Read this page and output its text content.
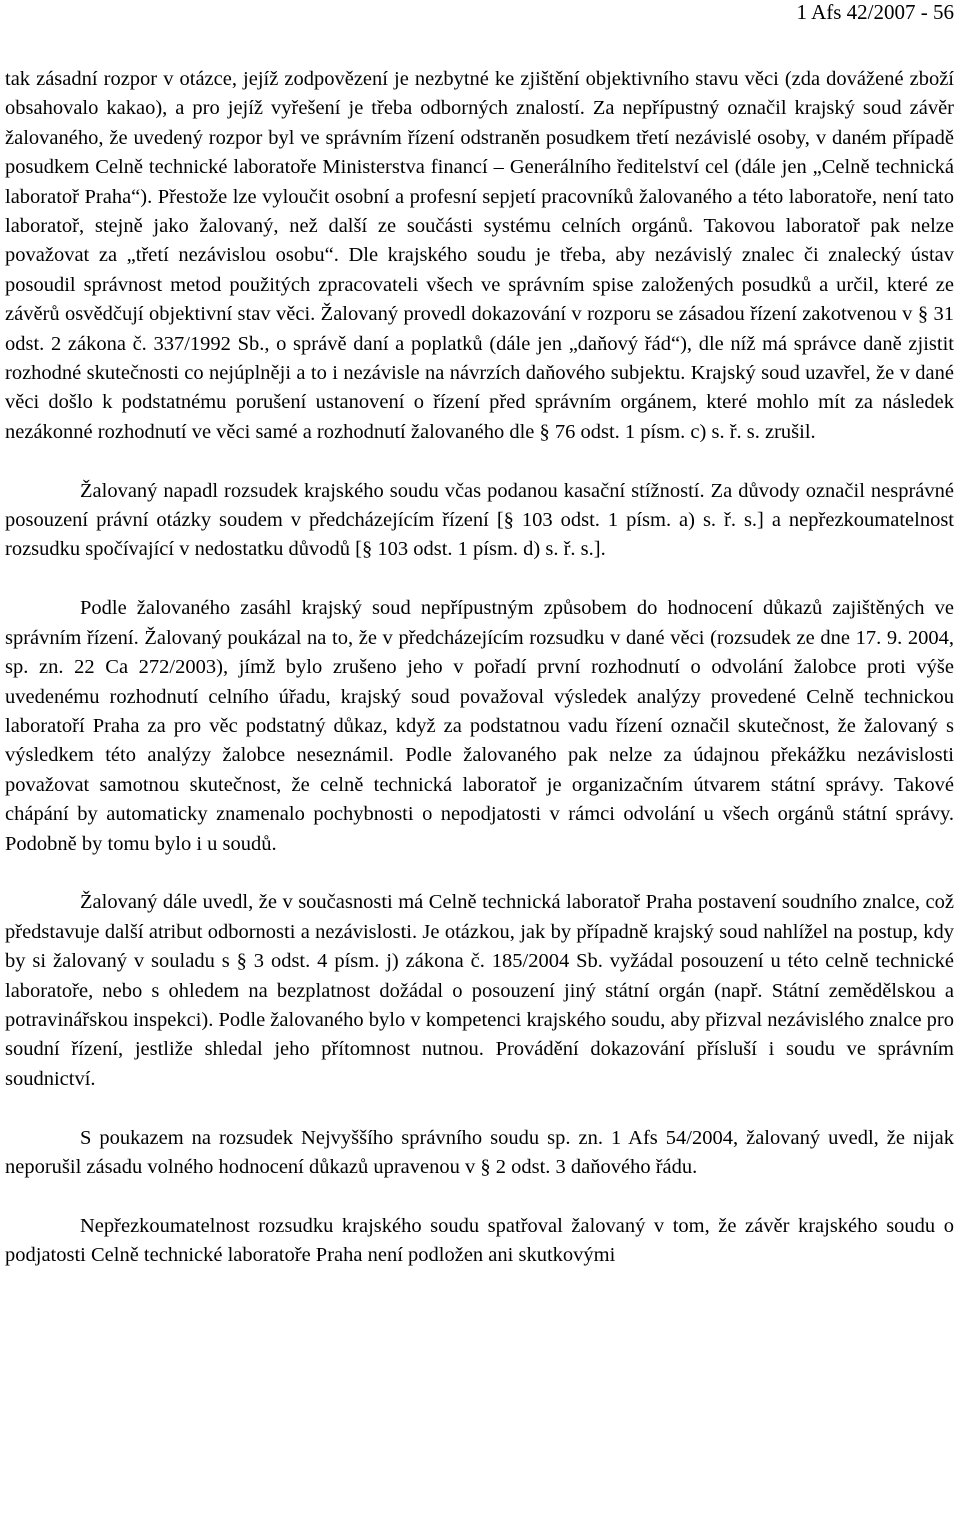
1 Afs 42/2007 - 56

tak zásadní rozpor v otázce, jejíž zodpovězení je nezbytné ke zjištění objektivního stavu věci (zda dovážené zboží obsahovalo kakao), a pro jejíž vyřešení je třeba odborných znalostí. Za nepřípustný označil krajský soud závěr žalovaného, že uvedený rozpor byl ve správním řízení odstraněn posudkem třetí nezávislé osoby, v daném případě posudkem Celně technické laboratoře Ministerstva financí – Generálního ředitelství cel (dále jen „Celně technická laboratoř Praha“). Přestože lze vyloučit osobní a profesní sepjetí pracovníků žalovaného a této laboratoře, není tato laboratoř, stejně jako žalovaný, než další ze součásti systému celních orgánů. Takovou laboratoř pak nelze považovat za „třetí nezávislou osobu“. Dle krajského soudu je třeba, aby nezávislý znalec či znalecký ústav posoudil správnost metod použitých zpracovateli všech ve správním spise založených posudků a určil, které ze závěrů osvědčují objektivní stav věci. Žalovaný provedl dokazování v rozporu se zásadou řízení zakotvenou v § 31 odst. 2 zákona č. 337/1992 Sb., o správě daní a poplatků (dále jen „daňový řád“), dle níž má správce daně zjistit rozhodné skutečnosti co nejúplněji a to i nezávisle na návrzích daňového subjektu. Krajský soud uzavřel, že v dané věci došlo k podstatnému porušení ustanovení o řízení před správním orgánem, které mohlo mít za následek nezákonné rozhodnutí ve věci samé a rozhodnutí žalovaného dle § 76 odst. 1 písm. c) s. ř. s. zrušil.

Žalovaný napadl rozsudek krajského soudu včas podanou kasační stížností. Za důvody označil nesprávné posouzení právní otázky soudem v předcházejícím řízení [§ 103 odst. 1 písm. a) s. ř. s.] a nepřezkoumatelnost rozsudku spočívající v nedostatku důvodů [§ 103 odst. 1 písm. d) s. ř. s.].

Podle žalovaného zasáhl krajský soud nepřípustným způsobem do hodnocení důkazů zajištěných ve správním řízení. Žalovaný poukázal na to, že v předcházejícím rozsudku v dané věci (rozsudek ze dne 17. 9. 2004, sp. zn. 22 Ca 272/2003), jímž bylo zrušeno jeho v pořadí první rozhodnutí o odvolání žalobce proti výše uvedenému rozhodnutí celního úřadu, krajský soud považoval výsledek analýzy provedené Celně technickou laboratoří Praha za pro věc podstatný důkaz, když za podstatnou vadu řízení označil skutečnost, že žalovaný s výsledkem této analýzy žalobce neseznámil. Podle žalovaného pak nelze za údajnou překážku nezávislosti považovat samotnou skutečnost, že celně technická laboratoř je organizačním útvarem státní správy. Takové chápání by automaticky znamenalo pochybnosti o nepodjatosti v rámci odvolání u všech orgánů státní správy. Podobně by tomu bylo i u soudů.

Žalovaný dále uvedl, že v současnosti má Celně technická laboratoř Praha postavení soudního znalce, což představuje další atribut odbornosti a nezávislosti. Je otázkou, jak by případně krajský soud nahlížel na postup, kdy by si žalovaný v souladu s § 3 odst. 4 písm. j) zákona č. 185/2004 Sb. vyžádal posouzení u této celně technické laboratoře, nebo s ohledem na bezplatnost dožádal o posouzení jiný státní orgán (např. Státní zemědělskou a potravinářskou inspekci). Podle žalovaného bylo v kompetenci krajského soudu, aby přizval nezávislého znalce pro soudní řízení, jestliže shledal jeho přítomnost nutnou. Provádění dokazování přísluší i soudu ve správním soudnictví.

S poukazem na rozsudek Nejvyššího správního soudu sp. zn. 1 Afs 54/2004, žalovaný uvedl, že nijak neporušil zásadu volného hodnocení důkazů upravenou v § 2 odst. 3 daňového řádu.

Nepřezkoumatelnost rozsudku krajského soudu spatřoval žalovaný v tom, že závěr krajského soudu o podjatosti Celně technické laboratoře Praha není podložen ani skutkovými
